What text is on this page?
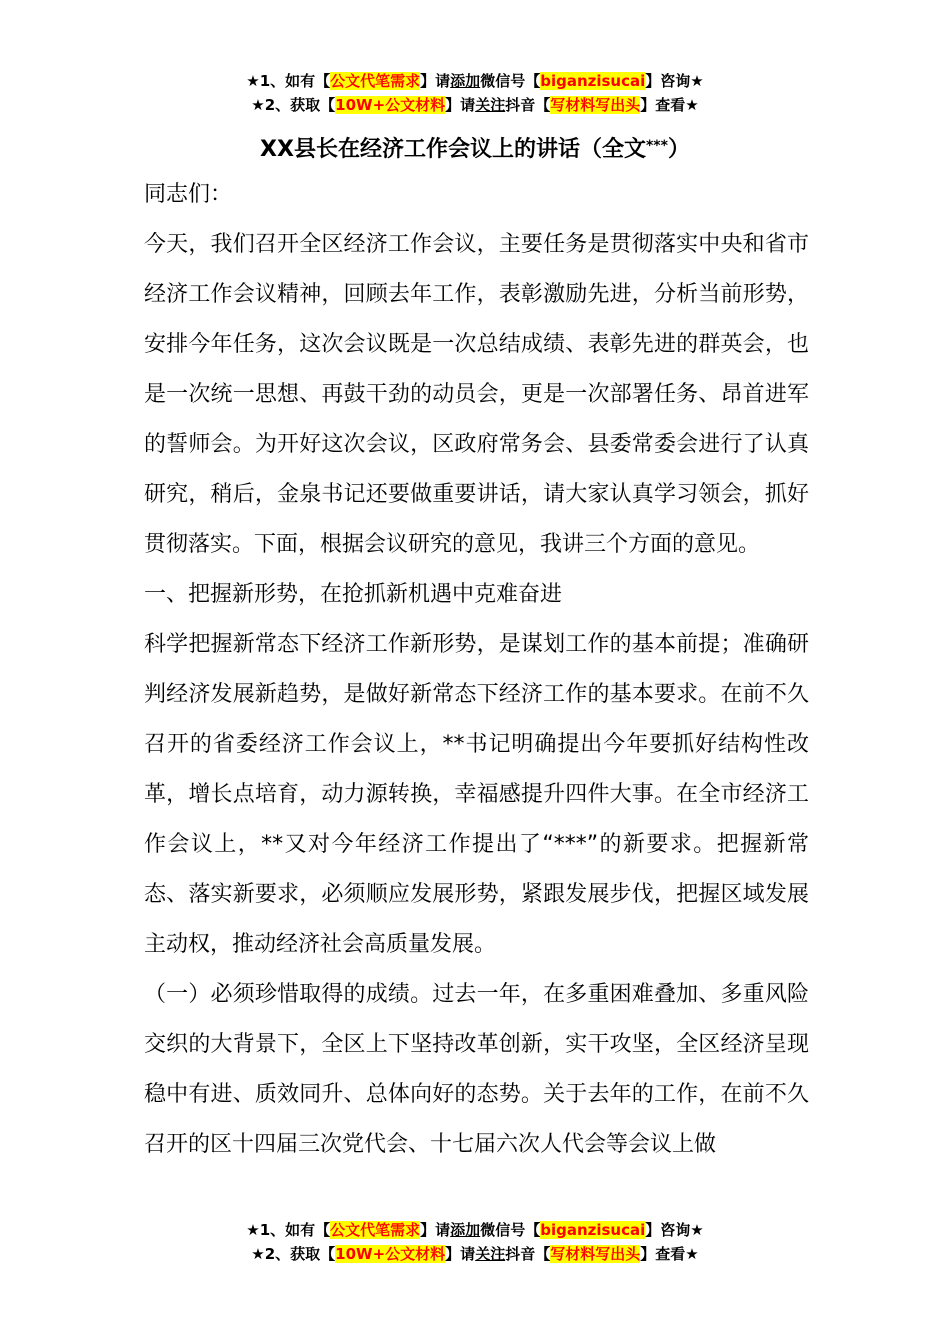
★1、如有【公文代笔需求】请添加微信号【biganzisucai】咨询★
★2、获取【10W+公文材料】请关注抖音【写材料写出头】查看★
XX县长在经济工作会议上的讲话（全文***）

同志们：

今天，我们召开全区经济工作会议，主要任务是贯彻落实中央和省市经济工作会议精神，回顾去年工作，表彰激励先进，分析当前形势，安排今年任务，这次会议既是一次总结成绩、表彰先进的群英会，也是一次统一思想、再鼓干劲的动员会，更是一次部署任务、昂首进军的誓师会。为开好这次会议，区政府常务会、县委常委会进行了认真研究，稍后，金泉书记还要做重要讲话，请大家认真学习领会，抓好贯彻落实。下面，根据会议研究的意见，我讲三个方面的意见。

一、把握新形势，在抢抓新机遇中克难奋进

科学把握新常态下经济工作新形势，是谋划工作的基本前提；准确研判经济发展新趋势，是做好新常态下经济工作的基本要求。在前不久召开的省委经济工作会议上，**书记明确提出今年要抓好结构性改革，增长点培育，动力源转换，幸福感提升四件大事。在全市经济工作会议上，**又对今年经济工作提出了“***”的新要求。把握新常态、落实新要求，必须顺应发展形势，紧跟发展步伐，把握区域发展主动权，推动经济社会高质量发展。

（一）必须珍惜取得的成绩。过去一年，在多重困难叠加、多重风险交织的大背景下，全区上下坚持改革创新，实干攻坚，全区经济呈现稳中有进、质效同升、总体向好的态势。关于去年的工作，在前不久召开的区十四届三次党代会、十七届六次人代会等会议上做

★1、如有【公文代笔需求】请添加微信号【biganzisucai】咨询★
★2、获取【10W+公文材料】请关注抖音【写材料写出头】查看★
